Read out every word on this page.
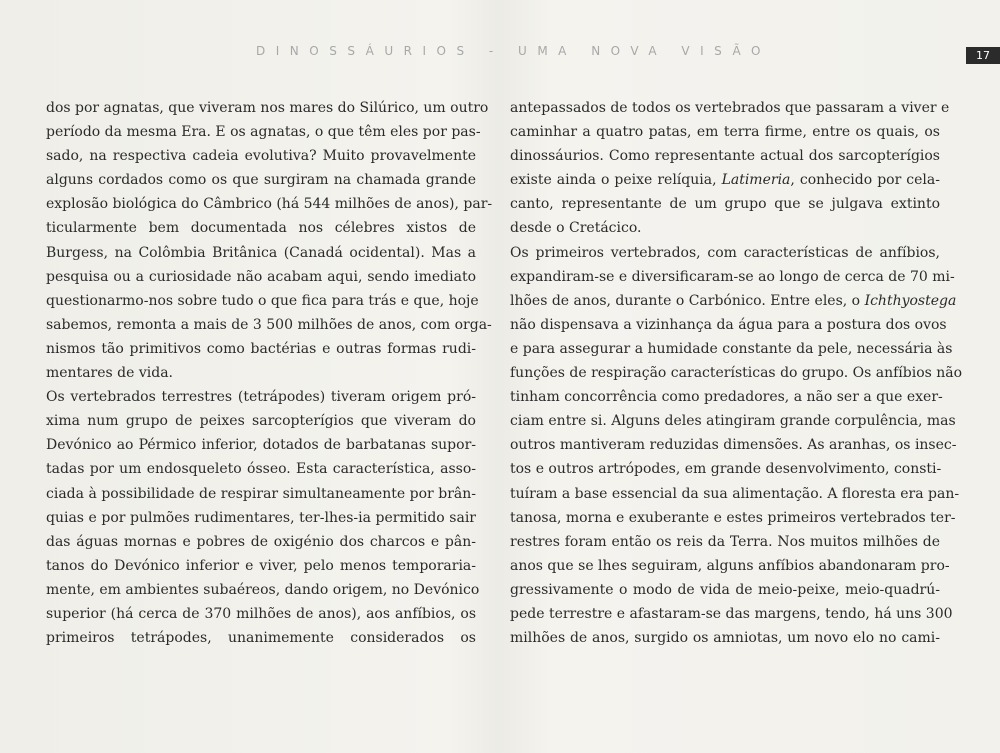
DINOSSÁURIOS - UMA NOVA VISÃO	17
dos por agnatas, que viveram nos mares do Silúrico, um outro
período da mesma Era. E os agnatas, o que têm eles por pas-
sado, na respectiva cadeia evolutiva? Muito provavelmente
alguns cordados como os que surgiram na chamada grande
explosão biológica do Câmbrico (há 544 milhões de anos), par-
ticularmente bem documentada nos célebres xistos de
Burgess, na Colômbia Britânica (Canadá ocidental). Mas a
pesquisa ou a curiosidade não acabam aqui, sendo imediato
questionarmo-nos sobre tudo o que fica para trás e que, hoje
sabemos, remonta a mais de 3 500 milhões de anos, com orga-
nismos tão primitivos como bactérias e outras formas rudi-
mentares de vida.
Os vertebrados terrestres (tetrápodes) tiveram origem pró-
xima num grupo de peixes sarcopterígios que viveram do
Devónico ao Pérmico inferior, dotados de barbatanas supor-
tadas por um endosqueleto ósseo. Esta característica, asso-
ciada à possibilidade de respirar simultaneamente por brân-
quias e por pulmões rudimentares, ter-lhes-ia permitido sair
das águas mornas e pobres de oxigénio dos charcos e pân-
tanos do Devónico inferior e viver, pelo menos temporaria-
mente, em ambientes subaéreos, dando origem, no Devónico
superior (há cerca de 370 milhões de anos), aos anfíbios, os
primeiros tetrápodes, unanimemente considerados os
antepassados de todos os vertebrados que passaram a viver e
caminhar a quatro patas, em terra firme, entre os quais, os
dinossáurios. Como representante actual dos sarcopterígios
existe ainda o peixe relíquia, Latimeria, conhecido por cela-
canto, representante de um grupo que se julgava extinto
desde o Cretácico.
Os primeiros vertebrados, com características de anfíbios,
expandiram-se e diversificaram-se ao longo de cerca de 70 mi-
lhões de anos, durante o Carbónico. Entre eles, o Ichthyostega
não dispensava a vizinhança da água para a postura dos ovos
e para assegurar a humidade constante da pele, necessária às
funções de respiração características do grupo. Os anfíbios não
tinham concorrência como predadores, a não ser a que exer-
ciam entre si. Alguns deles atingiram grande corpulência, mas
outros mantiveram reduzidas dimensões. As aranhas, os insec-
tos e outros artrópodes, em grande desenvolvimento, consti-
tuíram a base essencial da sua alimentação. A floresta era pan-
tanosa, morna e exuberante e estes primeiros vertebrados ter-
restres foram então os reis da Terra. Nos muitos milhões de
anos que se lhes seguiram, alguns anfíbios abandonaram pro-
gressivamente o modo de vida de meio-peixe, meio-quadrú-
pede terrestre e afastaram-se das margens, tendo, há uns 300
milhões de anos, surgido os amniotas, um novo elo no cami-
